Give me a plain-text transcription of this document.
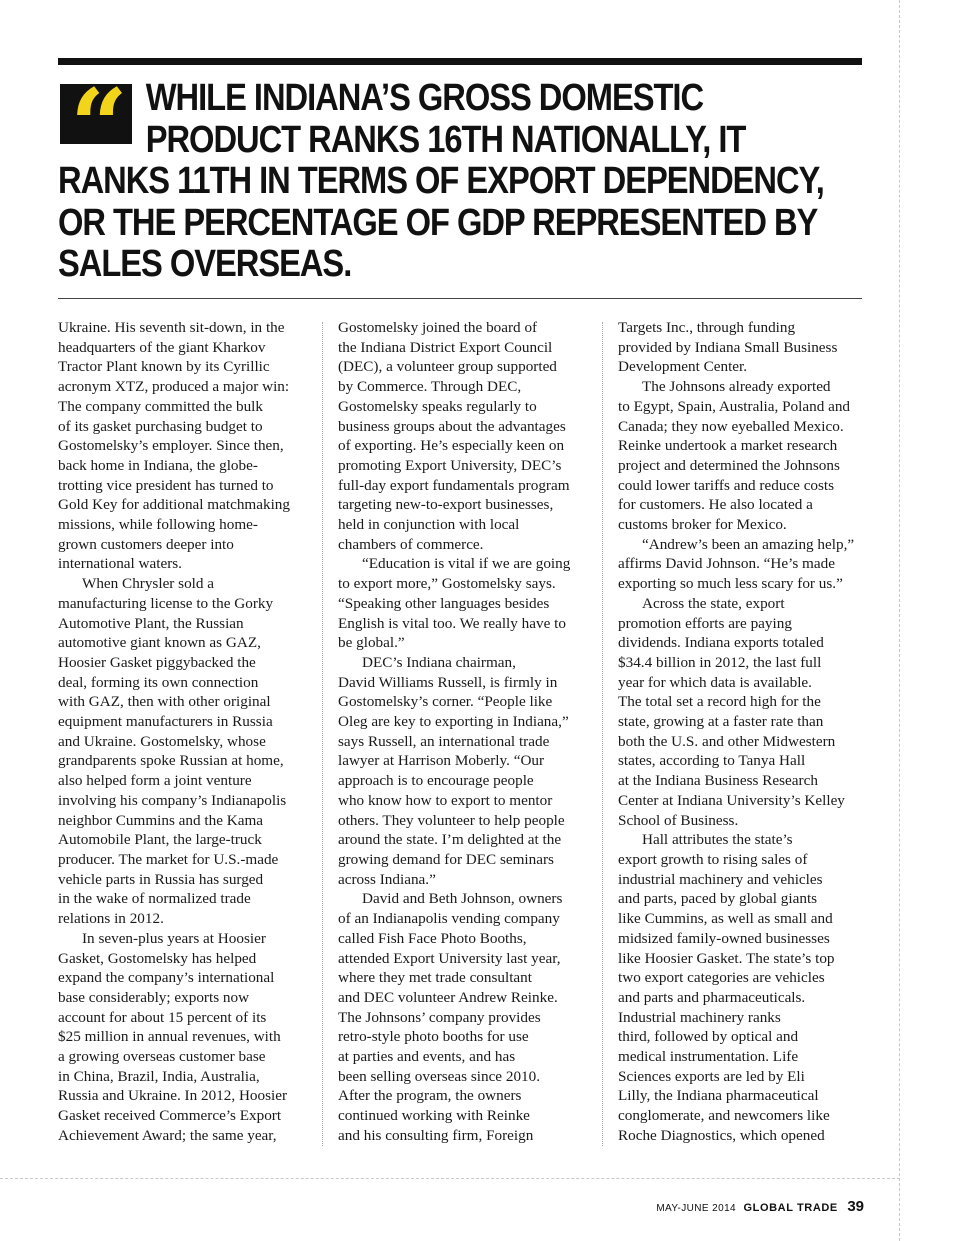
“ WHILE INDIANA’S GROSS DOMESTIC
PRODUCT RANKS 16TH NATIONALLY, IT
RANKS 11TH IN TERMS OF EXPORT DEPENDENCY,
OR THE PERCENTAGE OF GDP REPRESENTED BY
SALES OVERSEAS.
Ukraine. His seventh sit-down, in the
headquarters of the giant Kharkov
Tractor Plant known by its Cyrillic
acronym XTZ, produced a major win:
The company committed the bulk
of its gasket purchasing budget to
Gostomelsky’s employer. Since then,
back home in Indiana, the globe-
trotting vice president has turned to
Gold Key for additional matchmaking
missions, while following home-
grown customers deeper into
international waters.
When Chrysler sold a
manufacturing license to the Gorky
Automotive Plant, the Russian
automotive giant known as GAZ,
Hoosier Gasket piggybacked the
deal, forming its own connection
with GAZ, then with other original
equipment manufacturers in Russia
and Ukraine. Gostomelsky, whose
grandparents spoke Russian at home,
also helped form a joint venture
involving his company’s Indianapolis
neighbor Cummins and the Kama
Automobile Plant, the large-truck
producer. The market for U.S.-made
vehicle parts in Russia has surged
in the wake of normalized trade
relations in 2012.
In seven-plus years at Hoosier
Gasket, Gostomelsky has helped
expand the company’s international
base considerably; exports now
account for about 15 percent of its
$25 million in annual revenues, with
a growing overseas customer base
in China, Brazil, India, Australia,
Russia and Ukraine. In 2012, Hoosier
Gasket received Commerce’s Export
Achievement Award; the same year,
Gostomelsky joined the board of
the Indiana District Export Council
(DEC), a volunteer group supported
by Commerce. Through DEC,
Gostomelsky speaks regularly to
business groups about the advantages
of exporting. He’s especially keen on
promoting Export University, DEC’s
full-day export fundamentals program
targeting new-to-export businesses,
held in conjunction with local
chambers of commerce.
“Education is vital if we are going
to export more,” Gostomelsky says.
“Speaking other languages besides
English is vital too. We really have to
be global.”
DEC’s Indiana chairman,
David Williams Russell, is firmly in
Gostomelsky’s corner. “People like
Oleg are key to exporting in Indiana,”
says Russell, an international trade
lawyer at Harrison Moberly. “Our
approach is to encourage people
who know how to export to mentor
others. They volunteer to help people
around the state. I’m delighted at the
growing demand for DEC seminars
across Indiana.”
David and Beth Johnson, owners
of an Indianapolis vending company
called Fish Face Photo Booths,
attended Export University last year,
where they met trade consultant
and DEC volunteer Andrew Reinke.
The Johnsons’ company provides
retro-style photo booths for use
at parties and events, and has
been selling overseas since 2010.
After the program, the owners
continued working with Reinke
and his consulting firm, Foreign
Targets Inc., through funding
provided by Indiana Small Business
Development Center.
The Johnsons already exported
to Egypt, Spain, Australia, Poland and
Canada; they now eyeballed Mexico.
Reinke undertook a market research
project and determined the Johnsons
could lower tariffs and reduce costs
for customers. He also located a
customs broker for Mexico.
“Andrew’s been an amazing help,”
affirms David Johnson. “He’s made
exporting so much less scary for us.”
Across the state, export
promotion efforts are paying
dividends. Indiana exports totaled
$34.4 billion in 2012, the last full
year for which data is available.
The total set a record high for the
state, growing at a faster rate than
both the U.S. and other Midwestern
states, according to Tanya Hall
at the Indiana Business Research
Center at Indiana University’s Kelley
School of Business.
Hall attributes the state’s
export growth to rising sales of
industrial machinery and vehicles
and parts, paced by global giants
like Cummins, as well as small and
midsized family-owned businesses
like Hoosier Gasket. The state’s top
two export categories are vehicles
and parts and pharmaceuticals.
Industrial machinery ranks
third, followed by optical and
medical instrumentation. Life
Sciences exports are led by Eli
Lilly, the Indiana pharmaceutical
conglomerate, and newcomers like
Roche Diagnostics, which opened
MAY-JUNE 2014 GLOBAL TRADE 39
